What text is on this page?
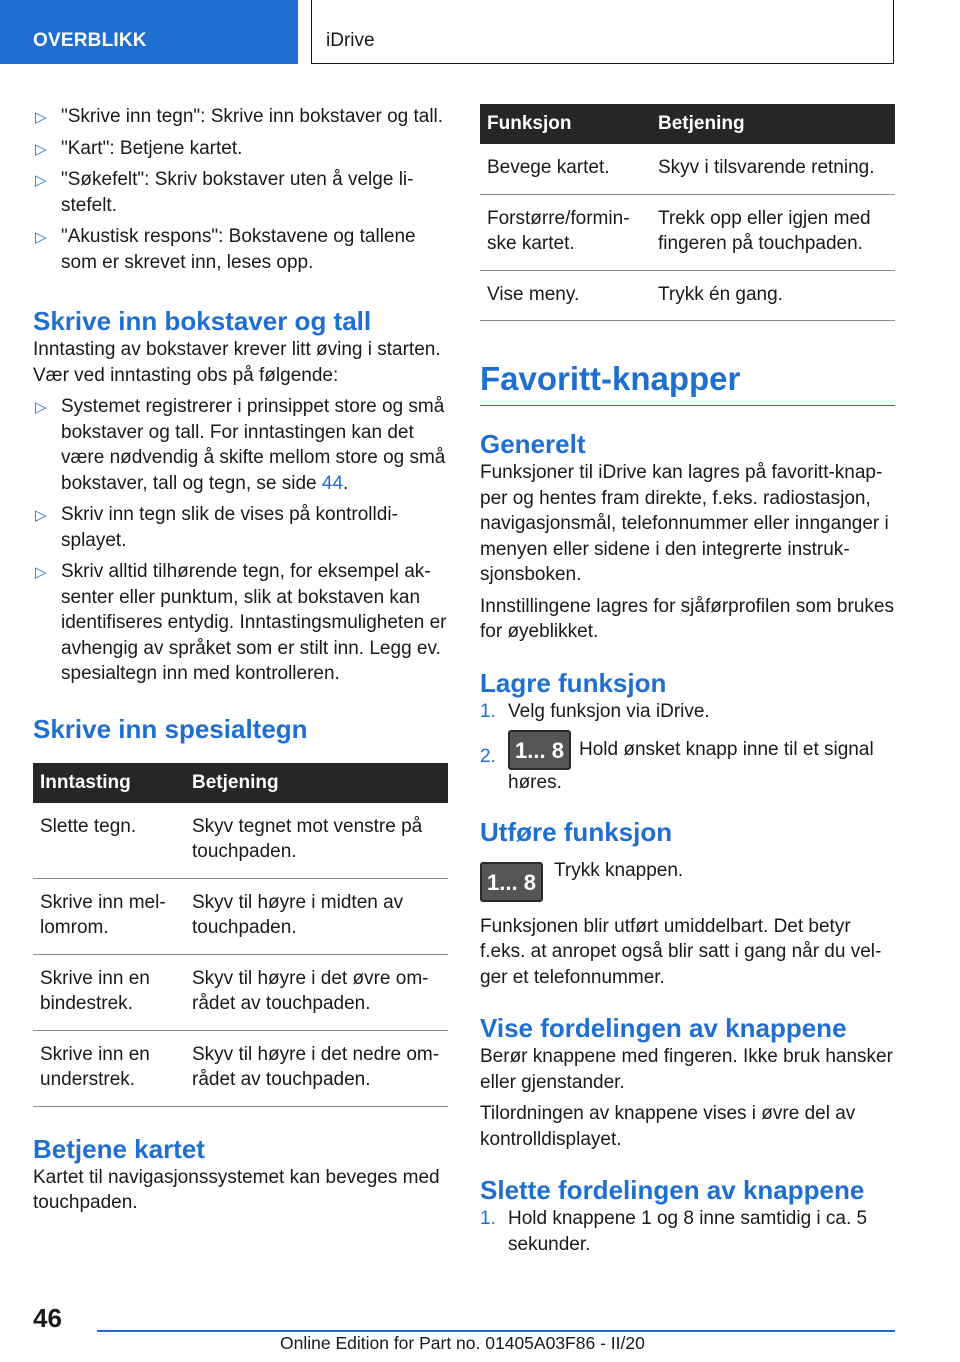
OVERBLIKK	iDrive
▷ "Skrive inn tegn": Skrive inn bokstaver og tall.
▷ "Kart": Betjene kartet.
▷ "Søkefelt": Skriv bokstaver uten å velge listefelt.
▷ "Akustisk respons": Bokstavene og tallene som er skrevet inn, leses opp.
Skrive inn bokstaver og tall

Inntasting av bokstaver krever litt øving i starten. Vær ved inntasting obs på følgende:

▷ Systemet registrerer i prinsippet store og små bokstaver og tall. For inntastingen kan det være nødvendig å skifte mellom store og små bokstaver, tall og tegn, se side 44.
▷ Skriv inn tegn slik de vises på kontrolldisplayet.
▷ Skriv alltid tilhørende tegn, for eksempel aksenter eller punktum, slik at bokstaven kan identifiseres entydig. Inntastingsmuligheten er avhengig av språket som er stilt inn. Legg ev. spesialtegn inn med kontrolleren.
Skrive inn spesialtegn
Inntasting	Betjening
Slette tegn.	Skyv tegnet mot venstre på touchpaden.
Skrive inn mellomrom.	Skyv til høyre i midten av touchpaden.
Skrive inn en bindestrek.	Skyv til høyre i det øvre området av touchpaden.
Skrive inn en understrek.	Skyv til høyre i det nedre området av touchpaden.
Betjene kartet

Kartet til navigasjonssystemet kan beveges med touchpaden.

Funksjon	Betjening
Bevege kartet.	Skyv i tilsvarende retning.
Forstørre/forminske kartet.	Trekk opp eller igjen med fingeren på touchpaden.
Vise meny.	Trykk én gang.
Favoritt-knapper
Generelt

Funksjoner til iDrive kan lagres på favoritt-knapper og hentes fram direkte, f.eks. radiostasjon, navigasjonsmål, telefonnummer eller innganger i menyen eller sidene i den integrerte instruksjonsboken.

Innstillingene lagres for sjåførprofilen som brukes for øyeblikket.

Lagre funksjon
1. Velg funksjon via iDrive.
2. 1... 8 Hold ønsket knapp inne til et signal høres.
Utføre funksjon
1... 8 Trykk knappen.

Funksjonen blir utført umiddelbart. Det betyr f.eks. at anropet også blir satt i gang når du velger et telefonnummer.

Vise fordelingen av knappene

Berør knappene med fingeren. Ikke bruk hansker eller gjenstander.

Tilordningen av knappene vises i øvre del av kontrolldisplayet.

Slette fordelingen av knappene
1. Hold knappene 1 og 8 inne samtidig i ca. 5 sekunder.
46
Online Edition for Part no. 01405A03F86 - II/20
